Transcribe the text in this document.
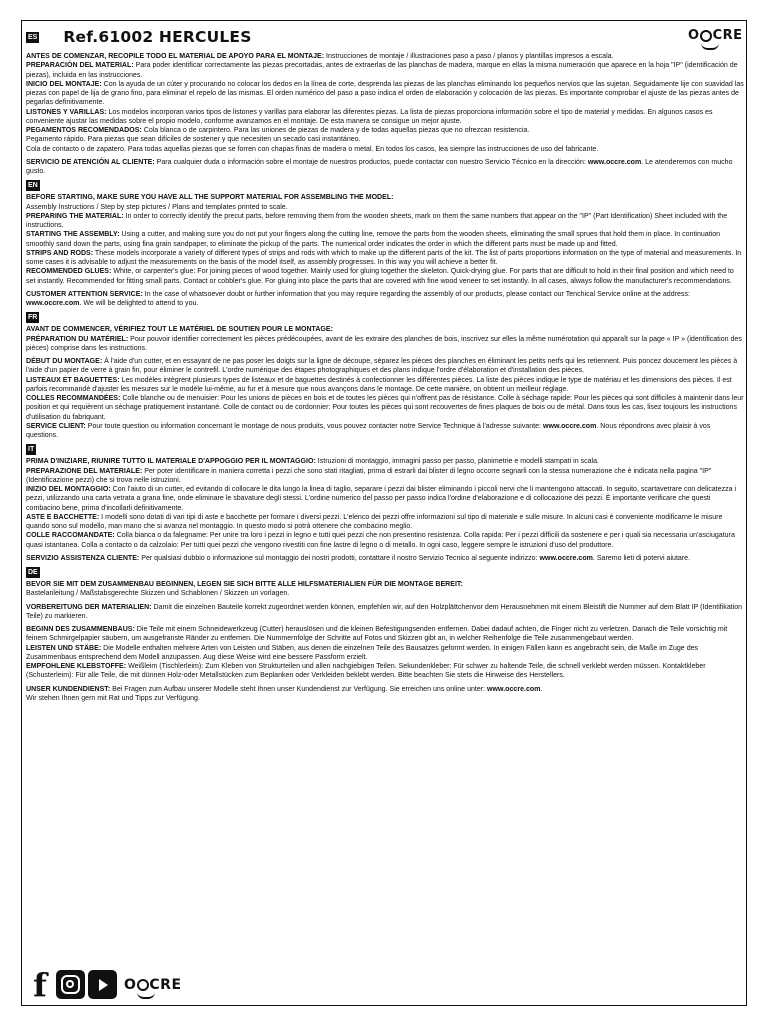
ES Ref.61002 HERCULES	O CRE

ANTES DE COMENZAR, RECOPILE TODO EL MATERIAL DE APOYO PARA EL MONTAJE: Instrucciones de montaje / illustraciones paso a paso / planos y plantillas impresos a escala.

PREPARACIÓN DEL MATERIAL: Para poder identificar correctamente las piezas precortadas, antes de extraerlas de las planchas de madera, marque en ellas la misma numeración que aparece en la hoja "IP" (identificación de piezas), incluida en las instrucciones.

INICIO DEL MONTAJE: Con la ayuda de un cúter y procurando no colocar los dedos en la línea de corte, desprenda las piezas de las planchas eliminando los pequeños nervios que las sujetan. Seguidamente lije con suavidad las piezas con papel de lija de grano fino, para eliminar el repelo de las mismas. El orden numérico del paso a paso indica el orden de elaboración y colocación de las piezas. Es importante comprobar el ajuste de las piezas antes de pegarlas definitivamente.

LISTONES Y VARILLAS: Los modelos incorporan varios tipos de listones y varillas para elaborar las diferentes piezas. La lista de piezas proporciona información sobre el tipo de material y medidas. En algunos casos es conveniente ajustar las medidas sobre el propio modelo, conforme avanzamos en el montaje. De esta manera se consigue un mejor ajuste.

PEGAMENTOS RECOMENDADOS: Cola blanca o de carpintero. Para las uniones de piezas de madera y de todas aquellas piezas que no ofrezcan resistencia.

Pegamento rápido. Para piezas que sean difíciles de sostener y que necesiten un secado casi instantáneo.

Cola de contacto o de zapatero. Para todas aquellas piezas que se forren con chapas finas de madera o metal. En todos los casos, lea siempre las instrucciones de uso del fabricante.

SERVICIO DE ATENCIÓN AL CLIENTE: Para cualquier duda o información sobre el montaje de nuestros productos, puede contactar con nuestro Servicio Técnico en la dirección: www.occre.com. Le atenderemos con mucho gusto.

EN

BEFORE STARTING, MAKE SURE YOU HAVE ALL THE SUPPORT MATERIAL FOR ASSEMBLING THE MODEL:

Assembly Instructions / Step by step pictures / Plans and templates printed to scale.

PREPARING THE MATERIAL: In order to correctly identify the precut parts, before removing them from the wooden sheets, mark on them the same numbers that appear on the "IP" (Part Identification) Sheet included with the instructions.

STARTING THE ASSEMBLY: Using a cutter, and making sure you do not put your fingers along the cutting line, remove the parts from the wooden sheets, eliminating the small sprues that hold them in place. In continuation smoothly sand down the parts, using fina grain sandpaper, to eliminate the pickup of the parts. The numerical order indicates the order in which the different parts must be made up and fitted.

STRIPS AND RODS: These models incorporate a variety of different types of strips and rods with which to make up the different parts of the kit. The list of parts proportions information on the type of material and measurements. In some cases it is advisable to adjust the measurements on the basis of the model itself, as assembly progresses. In this way you will achieve a better fit.

RECOMMENDED GLUES: White, or carpenter's glue: For joining pieces of wood together. Mainly used for gluing together the skeleton. Quick-drying glue. For parts that are difficult to hold in their final position and which need to set instantly. Recommended for fitting small parts. Contact or cobbler's glue. For gluing into place the parts that are covered with fine wood veneer to set instantly. In all cases, always follow the manufacturer's recommendations.

CUSTOMER ATTENTION SERVICE: In the case of whatsoever doubt or further information that you may require regarding the assembly of our products, please contact our Tenchical Service online at the address: www.occre.com. We will be delighted to attend to you.

FR

AVANT DE COMMENCER, VÉRIFIEZ TOUT LE MATÉRIEL DE SOUTIEN POUR LE MONTAGE:

PRÉPARATION DU MATÉRIEL: Pour pouvoir identifier correctement les pièces prédécoupées, avant de les extraire des planches de bois, inscrivez sur elles la même numérotation qui apparaît sur la page « IP » (identification des pièces) comprise dans les instructions.

DÉBUT DU MONTAGE: À l'aide d'un cutter, et en essayant de ne pas poser les doigts sur la ligne de découpe, séparez les pièces des planches en éliminant les petits nerfs qui les retiennent. Puis poncez doucement les pièces à l'aide d'un papier de verre à grain fin, pour éliminer le contrefil. L'ordre numérique des étapes photographiques et des plans indique l'ordre d'élaboration et d'installation des pièces.

LISTEAUX ET BAGUETTES: Les modèles intègrent plusieurs types de listeaux et de baguettes destinés à confectionner les différentes pièces. La liste des pièces indique le type de matériau et les dimensions des pièces. Il est parfois recommandé d'ajuster les mesures sur le modèle lui-même, au fur et à mesure que nous avançons dans le montage. De cette manière, on obtient un meilleur réglage.

COLLES RECOMMANDÉES: Colle blanche ou de menuisier: Pour les unions de pièces en bois et de toutes les pièces qui n'offrent pas de résistance. Colle à séchage rapide: Pour les pièces qui sont difficiles à maintenir dans leur position et qui requièrent un séchage pratiquement instantané. Colle de contact ou de cordonnier: Pour toutes les pièces qui sont recouvertes de fines plaques de bois ou de métal. Dans tous les cas, lisez toujours les instructions d'utilisation du fabriquant.

SERVICE CLIENT: Pour toute question ou information concernant le montage de nous produits, vous pouvez contacter notre Service Technique à l'adresse suivante: www.occre.com. Nous répondrons avec plaisir à vos questions.

IT

PRIMA D'INIZIARE, RIUNIRE TUTTO IL MATERIALE D'APPOGGIO PER IL MONTAGGIO: Istruzioni di montaggio, immagini passo per passo, planimetrie e modelli stampati in scala.

PREPARAZIONE DEL MATERIALE: Per poter identificare in maniera corretta i pezzi che sono stati ritagliati, prima di estrarli dai blister di legno occorre segnarli con la stessa numerazione che è indicata nella pagina "IP" (Identificazione pezzi) che si trova nelle istruzioni.

INIZIO DEL MONTAGGIO: Con l'aiuto di un cutter, ed evitando di collocare le dita lungo la linea di taglio, separare i pezzi dai blister eliminando i piccoli nervi che li mantengono attaccati. In seguito, scartavetrare con delicatezza i pezzi, utilizzando una carta vetrata a grana fine, onde eliminare le sbavature degli stessi. L'ordine numerico del passo per passo indica l'ordine d'elaborazione e di collocazione dei pezzi. È importante verificare che questi combacino bene, prima d'incollarli definitivamente.

ASTE E BACCHETTE: I modelli sono dotati di vari tipi di aste e bacchette per formare i diversi pezzi. L'elenco dei pezzi offre informazioni sul tipo di materiale e sulle misure. In alcuni casi è conveniente modificarne le misure quando sono sul modello, man mano che si avanza nel montaggio. In questo modo si potrà ottenere che combacino meglio.

COLLE RACCOMANDATE: Colla bianca o da falegname: Per unire tra loro i pezzi in legno e tutti quei pezzi che non presentino resistenza. Colla rapida: Per i pezzi difficili da sostenere e per i quali sia necessaria un'asciugatura quasi istantanea. Colla a contacto o da calzolaio: Per tutti quei pezzi che vengono rivestiti con fine lastre di legno o di metallo. In ogni caso, leggere sempre le istruzioni d'uso del produttore.

SERVIZIO ASSISTENZA CLIENTE: Per qualsiasi dubbio o informazione sul montaggio dei nostri prodotti, contattare il nostro Servizio Tecnico al seguente indirizzo: www.occre.com. Saremo lieti di potervi aiutare.

DE

BEVOR SIE MIT DEM ZUSAMMENBAU BEGINNEN, LEGEN SIE SICH BITTE ALLE HILFSMATERIALIEN FÜR DIE MONTAGE BEREIT:

Bastelanleitung / Maßstabsgerechte Skizzen und Schablonen / Skizzen un vorlagen.

VORBEREITUNG DER MATERIALIEN: Damit die einzelnen Bauteile korrekt zugeordnet werden können, empfehlen wir, auf den Holzplättchenvor dem Herausnehmen mit einem Bleistift die Nummer auf dem Blatt IP (Identifikation Teile) zu markieren.

BEGINN DES ZUSAMMENBAUS: Die Teile mit einem Schneidewerkzeug (Cutter) herauslösen und die kleinen Befestigungsenden entfernen. Dabei dadauf achten, die Finger nicht zu verletzen. Danach die Teile vorsichtig mit feinem Schmirgelpapier säubern, um ausgefranste Ränder zu entfernen. Die Nummernfolge der Schritte auf Fotos und Skizzen gibt an, in welcher Reihenfolge die Teile zusammengebaut werden.

LEISTEN UND STÄBE: Die Modelle enthalten mehrere Arten von Leisten und Stäben, aus denen die einzelnen Teile des Bausatzes geformt werden. In einigen Fällen kann es angebracht sein, die Maße im Zuge des Zusammenbaus entsprechend dem Modell anzupassen. Aug diese Weise wird eine bessere Passform erzielt.

EMPFOHLENE KLEBSTOFFE: Weißleim (Tischlerleim): Zum Kleben von Strukturteilen und allen nachgiebigen Teilen. Sekundenkleber: Für schwer zu haltende Teile, die schnell verklebt werden müssen. Kontaktkleber (Schusterleim): Für alle Teile, die mit dünnen Holz-oder Metallstücken zum Beplanken oder Verkleiden beklebt werden. Bitte beachten Sie stets die Hinweise des Herstellers.

UNSER KUNDENDIENST: Bei Fragen zum Aufbau unserer Modelle steht Ihnen unser Kundendienst zur Verfügung. Sie erreichen uns online unter: www.occre.com.

Wir stehen Ihnen gern mit Rat und Tipps zur Verfügung.

f	O CRE
